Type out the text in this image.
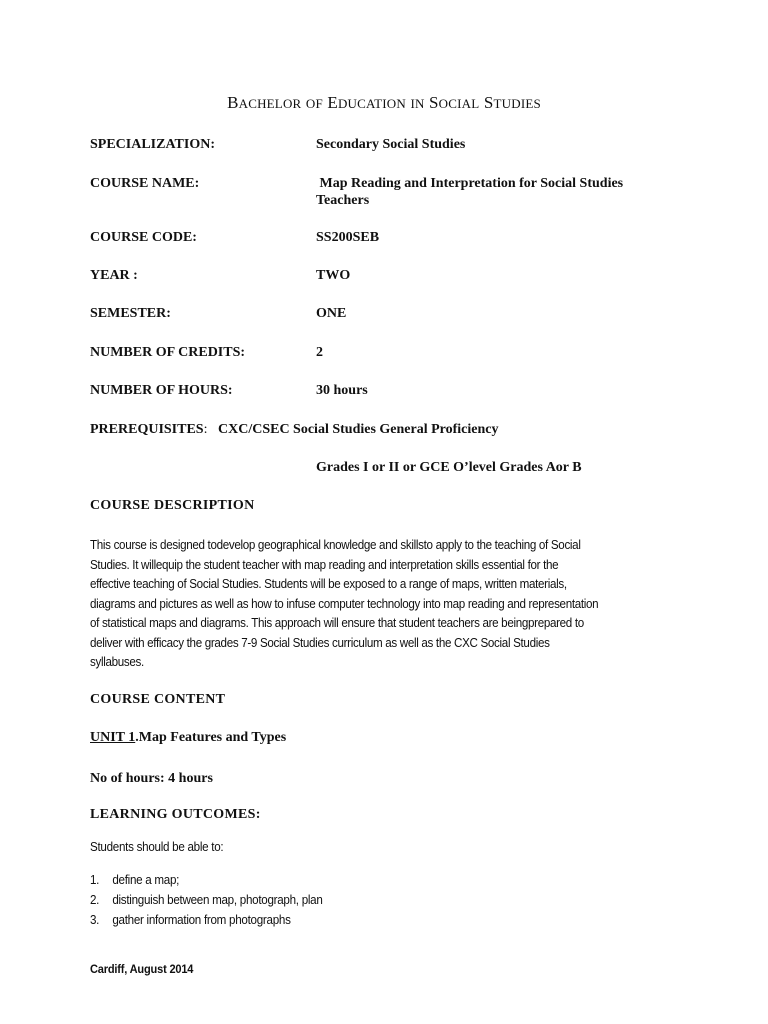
BACHELOR OF EDUCATION IN SOCIAL STUDIES
SPECIALIZATION:	Secondary Social Studies
COURSE NAME:	Map Reading and Interpretation for Social Studies Teachers
COURSE CODE:	SS200SEB
YEAR :	TWO
SEMESTER:	ONE
NUMBER OF CREDITS:	2
NUMBER OF HOURS:	30 hours
PREREQUISITES: CXC/CSEC Social Studies General Proficiency
Grades I or II or GCE O’level Grades Aor B
COURSE DESCRIPTION
This course is designed todevelop geographical knowledge and skillsto apply to the teaching of Social
Studies. It willequip the student teacher with map reading and interpretation skills essential for the
effective teaching of Social Studies. Students will be exposed to a range of maps, written materials,
diagrams and pictures as well as how to infuse computer technology into map reading and representation
of statistical maps and diagrams. This approach will ensure that student teachers are beingprepared to
deliver with efficacy the grades 7-9 Social Studies curriculum as well as the CXC Social Studies
syllabuses.
COURSE CONTENT
UNIT 1.Map Features and Types
No of hours: 4 hours
LEARNING OUTCOMES:
Students should be able to:
1. define a map;
2. distinguish between map, photograph, plan
3. gather information from photographs
Cardiff, August 2014
